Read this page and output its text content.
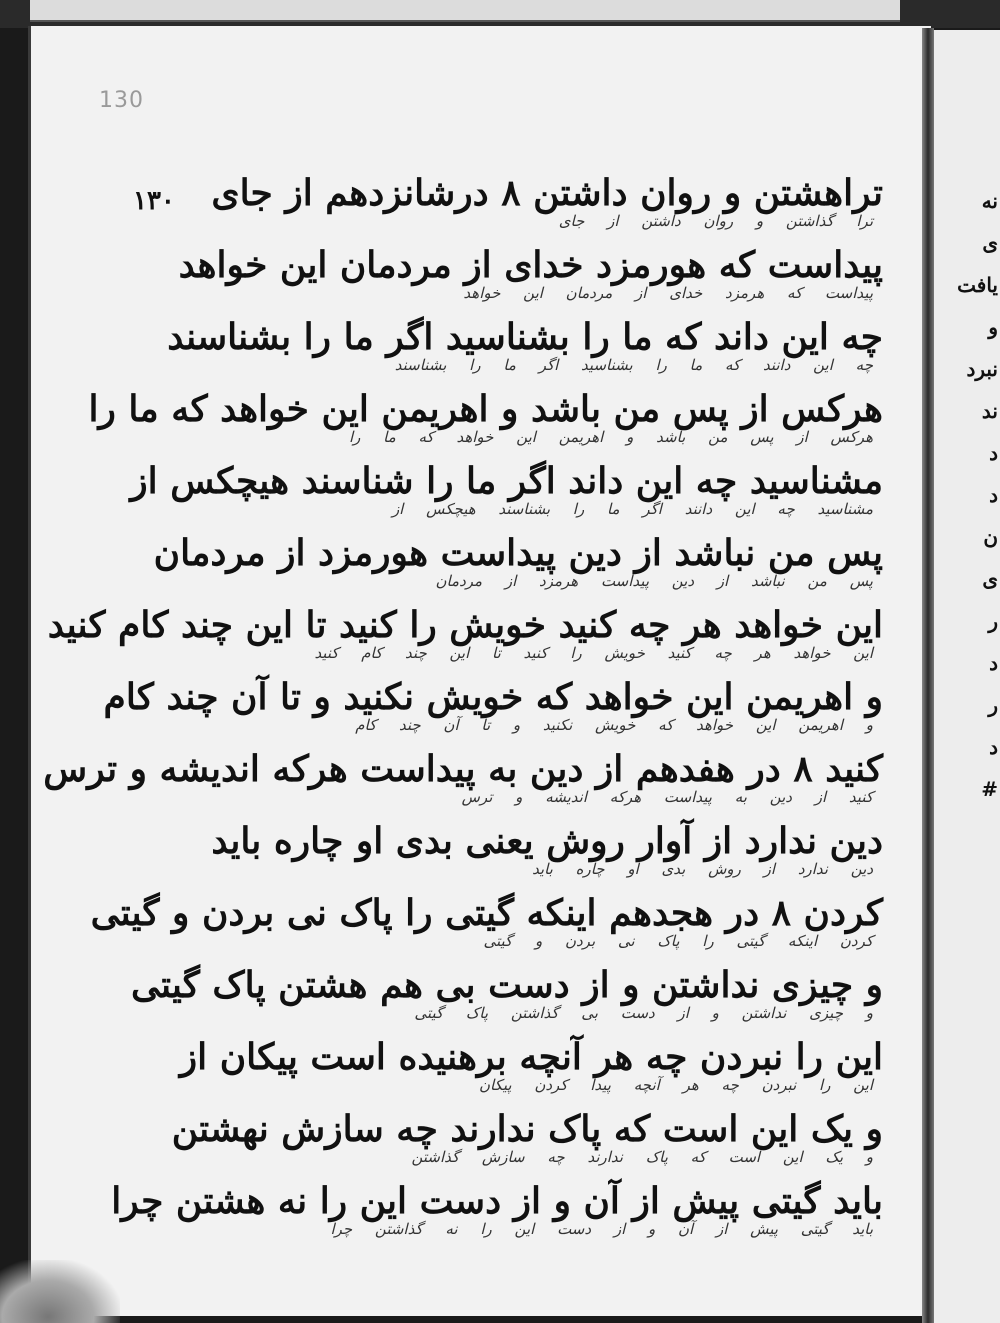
130
۱۳۰	تراهشتن و روان داشتن ۸ درشانزدهم از جای
ترا گذاشتن و روان داشتن از جای
پیداست که هورمزد خدای از مردمان این خواهد
پیداست که هرمزد خدای از مردمان این خواهد
چه این داند که ما را بشناسید اگر ما را بشناسند
چه این دانند که ما را بشناسید اگر ما را بشناسند
هرکس از پس من باشد و اهریمن این خواهد که ما را
هرکس از پس من باشد و اهریمن این خواهد که ما را
مشناسید چه این داند اگر ما را شناسند هیچکس از
مشناسید چه این دانند اگر ما را بشناسند هیچکس از
پس من نباشد از دین پیداست هورمزد از مردمان
پس من نباشد از دین پیداست هرمزد از مردمان
این خواهد هر چه کنید خویش را کنید تا این چند کام کنید
این خواهد هر چه کنید خویش را کنید تا این چند کام کنید
و اهریمن این خواهد که خویش نکنید و تا آن چند کام
و اهریمن این خواهد که خویش نکنید و تا آن چند کام
کنید ۸ در هفدهم از دین به پیداست هرکه اندیشه و ترس
کنید از دین به پیداست هرکه اندیشه و ترس
دین ندارد از آوار روش یعنی بدی او چاره باید
دین ندارد از روش بدی او چاره باید
کردن ۸ در هجدهم اینکه گیتی را پاک نی بردن و گیتی
کردن اینکه گیتی را پاک نی بردن و گیتی
و چیزی نداشتن و از دست بی هم هشتن پاک گیتی
و چیزی نداشتن و از دست بی گذاشتن پاک گیتی
این را نبردن چه هر آنچه برهنیده است پیکان از
این را نبردن چه هر آنچه پیدا کردن پیکان
و یک این است که پاک ندارند چه سازش نهشتن
و یک این است که پاک ندارند چه سازش گذاشتن
باید گیتی پیش از آن و از دست این را نه هشتن چرا
باید گیتی پیش از آن و از دست این را نه گذاشتن چرا
نه
ی
یافت
و
نبرد
ند
د
د
ن
ی
ر
د
ر
د
#
